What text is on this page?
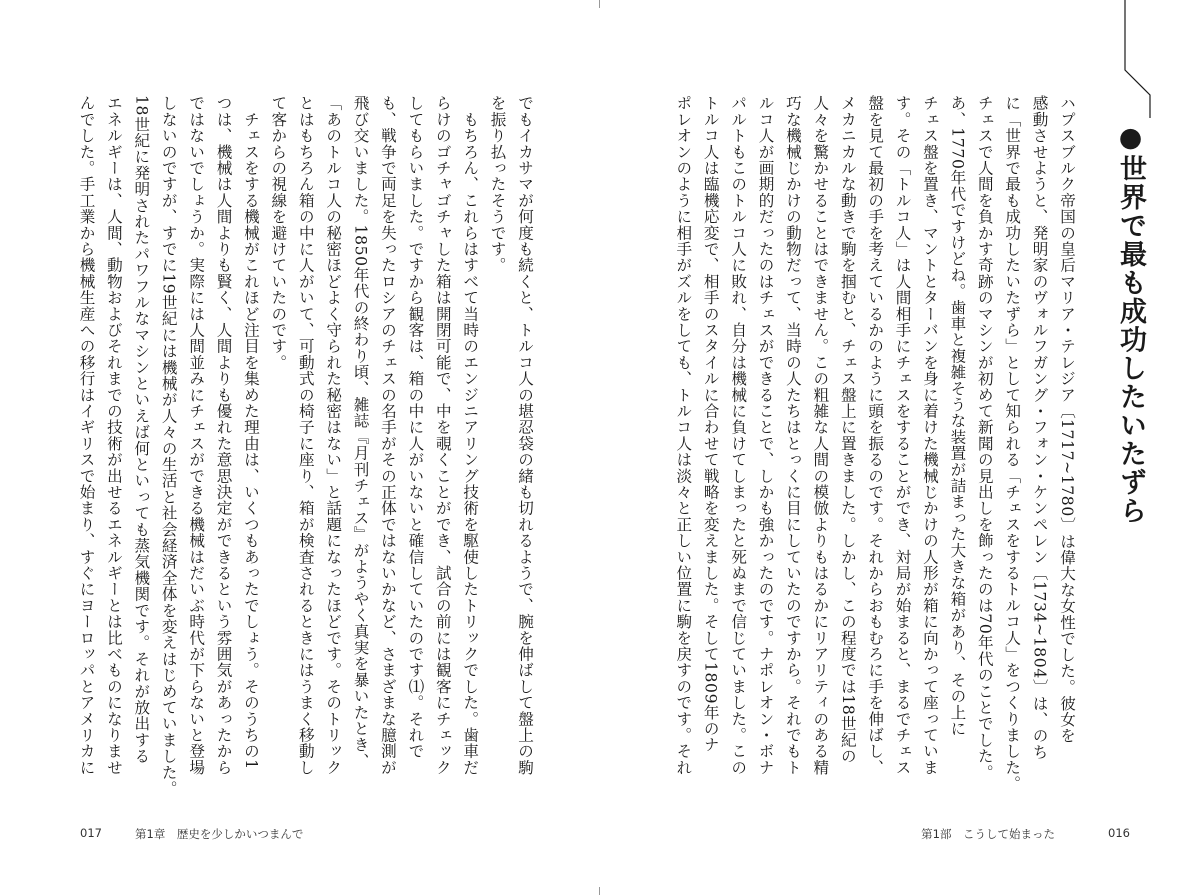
●世界で最も成功したいたずら

ハプスブルク帝国の皇后マリア・テレジア〔1717~1780〕は偉大な女性でした。彼女を

感動させようと、発明家のヴォルフガング・フォン・ケンペレン〔1734~1804〕は、のち

に「世界で最も成功したいたずら」として知られる「チェスをするトルコ人」をつくりました。

チェスで人間を負かす奇跡のマシンが初めて新聞の見出しを飾ったのは70年代のことでした。

あ、1770年代ですけどね。歯車と複雑そうな装置が詰まった大きな箱があり、その上に

チェス盤を置き、マントとターバンを身に着けた機械じかけの人形が箱に向かって座っていま

す。その「トルコ人」は人間相手にチェスをすることができ、対局が始まると、まるでチェス

盤を見て最初の手を考えているかのように頭を振るのです。それからおもむろに手を伸ばし、

メカニカルな動きで駒を掴むと、チェス盤上に置きました。しかし、この程度では18世紀の

人々を驚かせることはできません。この粗雑な人間の模倣よりもはるかにリアリティのある精

巧な機械じかけの動物だって、当時の人たちはとっくに目にしていたのですから。それでもト

ルコ人が画期的だったのはチェスができることで、しかも強かったのです。ナポレオン・ボナ

パルトもこのトルコ人に敗れ、自分は機械に負けてしまったと死ぬまで信じていました。この

トルコ人は臨機応変で、相手のスタイルに合わせて戦略を変えました。そして1809年のナ

ポレオンのように相手がズルをしても、トルコ人は淡々と正しい位置に駒を戻すのです。それ

第1部　こうして始まった	016

でもイカサマが何度も続くと、トルコ人の堪忍袋の緒も切れるようで、腕を伸ばして盤上の駒

を振り払ったそうです。

　もちろん、これらはすべて当時のエンジニアリング技術を駆使したトリックでした。歯車だ

らけのゴチャゴチャした箱は開閉可能で、中を覗くことができ、試合の前には観客にチェック

してもらいました。ですから観客は、箱の中に人がいないと確信していたのです⑴。それで

も、戦争で両足を失ったロシアのチェスの名手がその正体ではないかなど、さまざまな臆測が

飛び交いました。1850年代の終わり頃、雑誌『月刊チェス』がようやく真実を暴いたとき、

「あのトルコ人の秘密ほどよく守られた秘密はない」と話題になったほどです。そのトリック

とはもちろん箱の中に人がいて、可動式の椅子に座り、箱が検査されるときにはうまく移動し

て客からの視線を避けていたのです。

　チェスをする機械がこれほど注目を集めた理由は、いくつもあったでしょう。そのうちの1

つは、機械は人間よりも賢く、人間よりも優れた意思決定ができるという雰囲気があったから

ではないでしょうか。実際には人間並みにチェスができる機械はだいぶ時代が下らないと登場

しないのですが、すでに19世紀には機械が人々の生活と社会経済全体を変えはじめていました。

18世紀に発明されたパワフルなマシンといえば何といっても蒸気機関です。それが放出する

エネルギーは、人間、動物およびそれまでの技術が出せるエネルギーとは比べものになりませ

んでした。手工業から機械生産への移行はイギリスで始まり、すぐにヨーロッパとアメリカに

017	第1章　歴史を少しかいつまんで
